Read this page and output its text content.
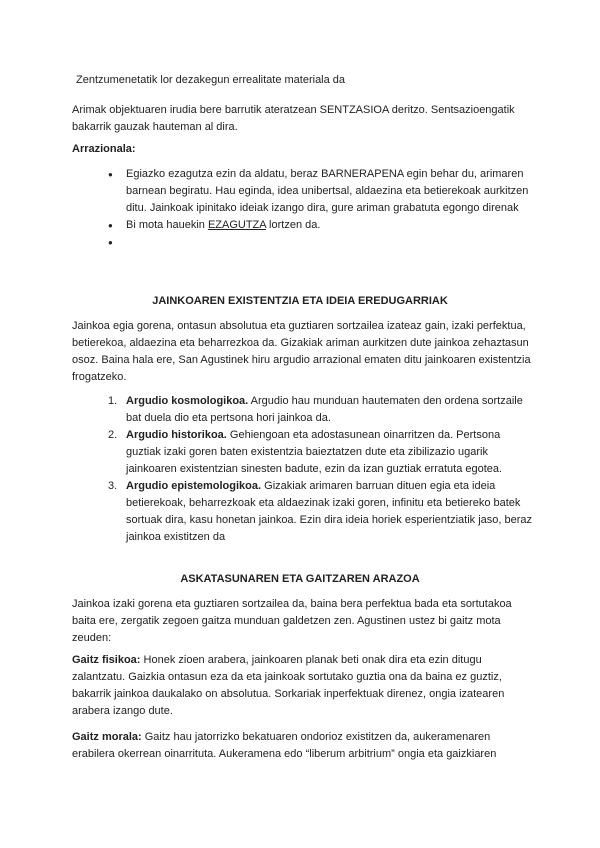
Zentzumenetatik lor dezakegun errealitate materiala da

Arimak objektuaren irudia bere barrutik ateratzean SENTZASIOA deritzo. Sentsazioengatik bakarrik gauzak hauteman al dira.

Arrazionala:

● Egiazko ezagutza ezin da aldatu, beraz BARNERAPENA egin behar du, arimaren barnean begiratu. Hau eginda, idea unibertsal, aldaezina eta betierekoak aurkitzen ditu. Jainkoak ipinitako ideiak izango dira, gure ariman grabatuta egongo direnak
● Bi mota hauekin EZAGUTZA lortzen da.
●

JAINKOAREN EXISTENTZIA ETA IDEIA EREDUGARRIAK

Jainkoa egia gorena, ontasun absolutua eta guztiaren sortzailea izateaz gain, izaki perfektua, betierekoa, aldaezina eta beharrezkoa da. Gizakiak ariman aurkitzen dute jainkoa zehaztasun osoz. Baina hala ere, San Agustinek hiru argudio arrazional ematen ditu jainkoaren existentzia frogatzeko.

1. Argudio kosmologikoa. Argudio hau munduan hautematen den ordena sortzaile bat duela dio eta pertsona hori jainkoa da.
2. Argudio historikoa. Gehiengoan eta adostasunean oinarritzen da. Pertsona guztiak izaki goren baten existentzia baieztatzen dute eta zibilizazio ugarik jainkoaren existentzian sinesten badute, ezin da izan guztiak erratuta egotea.
3. Argudio epistemologikoa. Gizakiak arimaren barruan dituen egia eta ideia betierekoak, beharrezkoak eta aldaezinak izaki goren, infinitu eta betiereko batek sortuak dira, kasu honetan jainkoa. Ezin dira ideia horiek esperientziatik jaso, beraz jainkoa existitzen da

ASKATASUNAREN ETA GAITZAREN ARAZOA

Jainkoa izaki gorena eta guztiaren sortzailea da, baina bera perfektua bada eta sortutakoa baita ere, zergatik zegoen gaitza munduan galdetzen zen. Agustinen ustez bi gaitz mota zeuden:

Gaitz fisikoa: Honek zioen arabera, jainkoaren planak beti onak dira eta ezin ditugu zalantzatu. Gaizkia ontasun eza da eta jainkoak sortutako guztia ona da baina ez guztiz, bakarrik jainkoa daukalako on absolutua. Sorkariak inperfektuak direnez, ongia izatearen arabera izango dute.

Gaitz morala: Gaitz hau jatorrizko bekatuaren ondorioz existitzen da, aukeramenaren erabilera okerrean oinarrituta. Aukeramena edo “liberum arbitrium” ongia eta gaizkiaren
